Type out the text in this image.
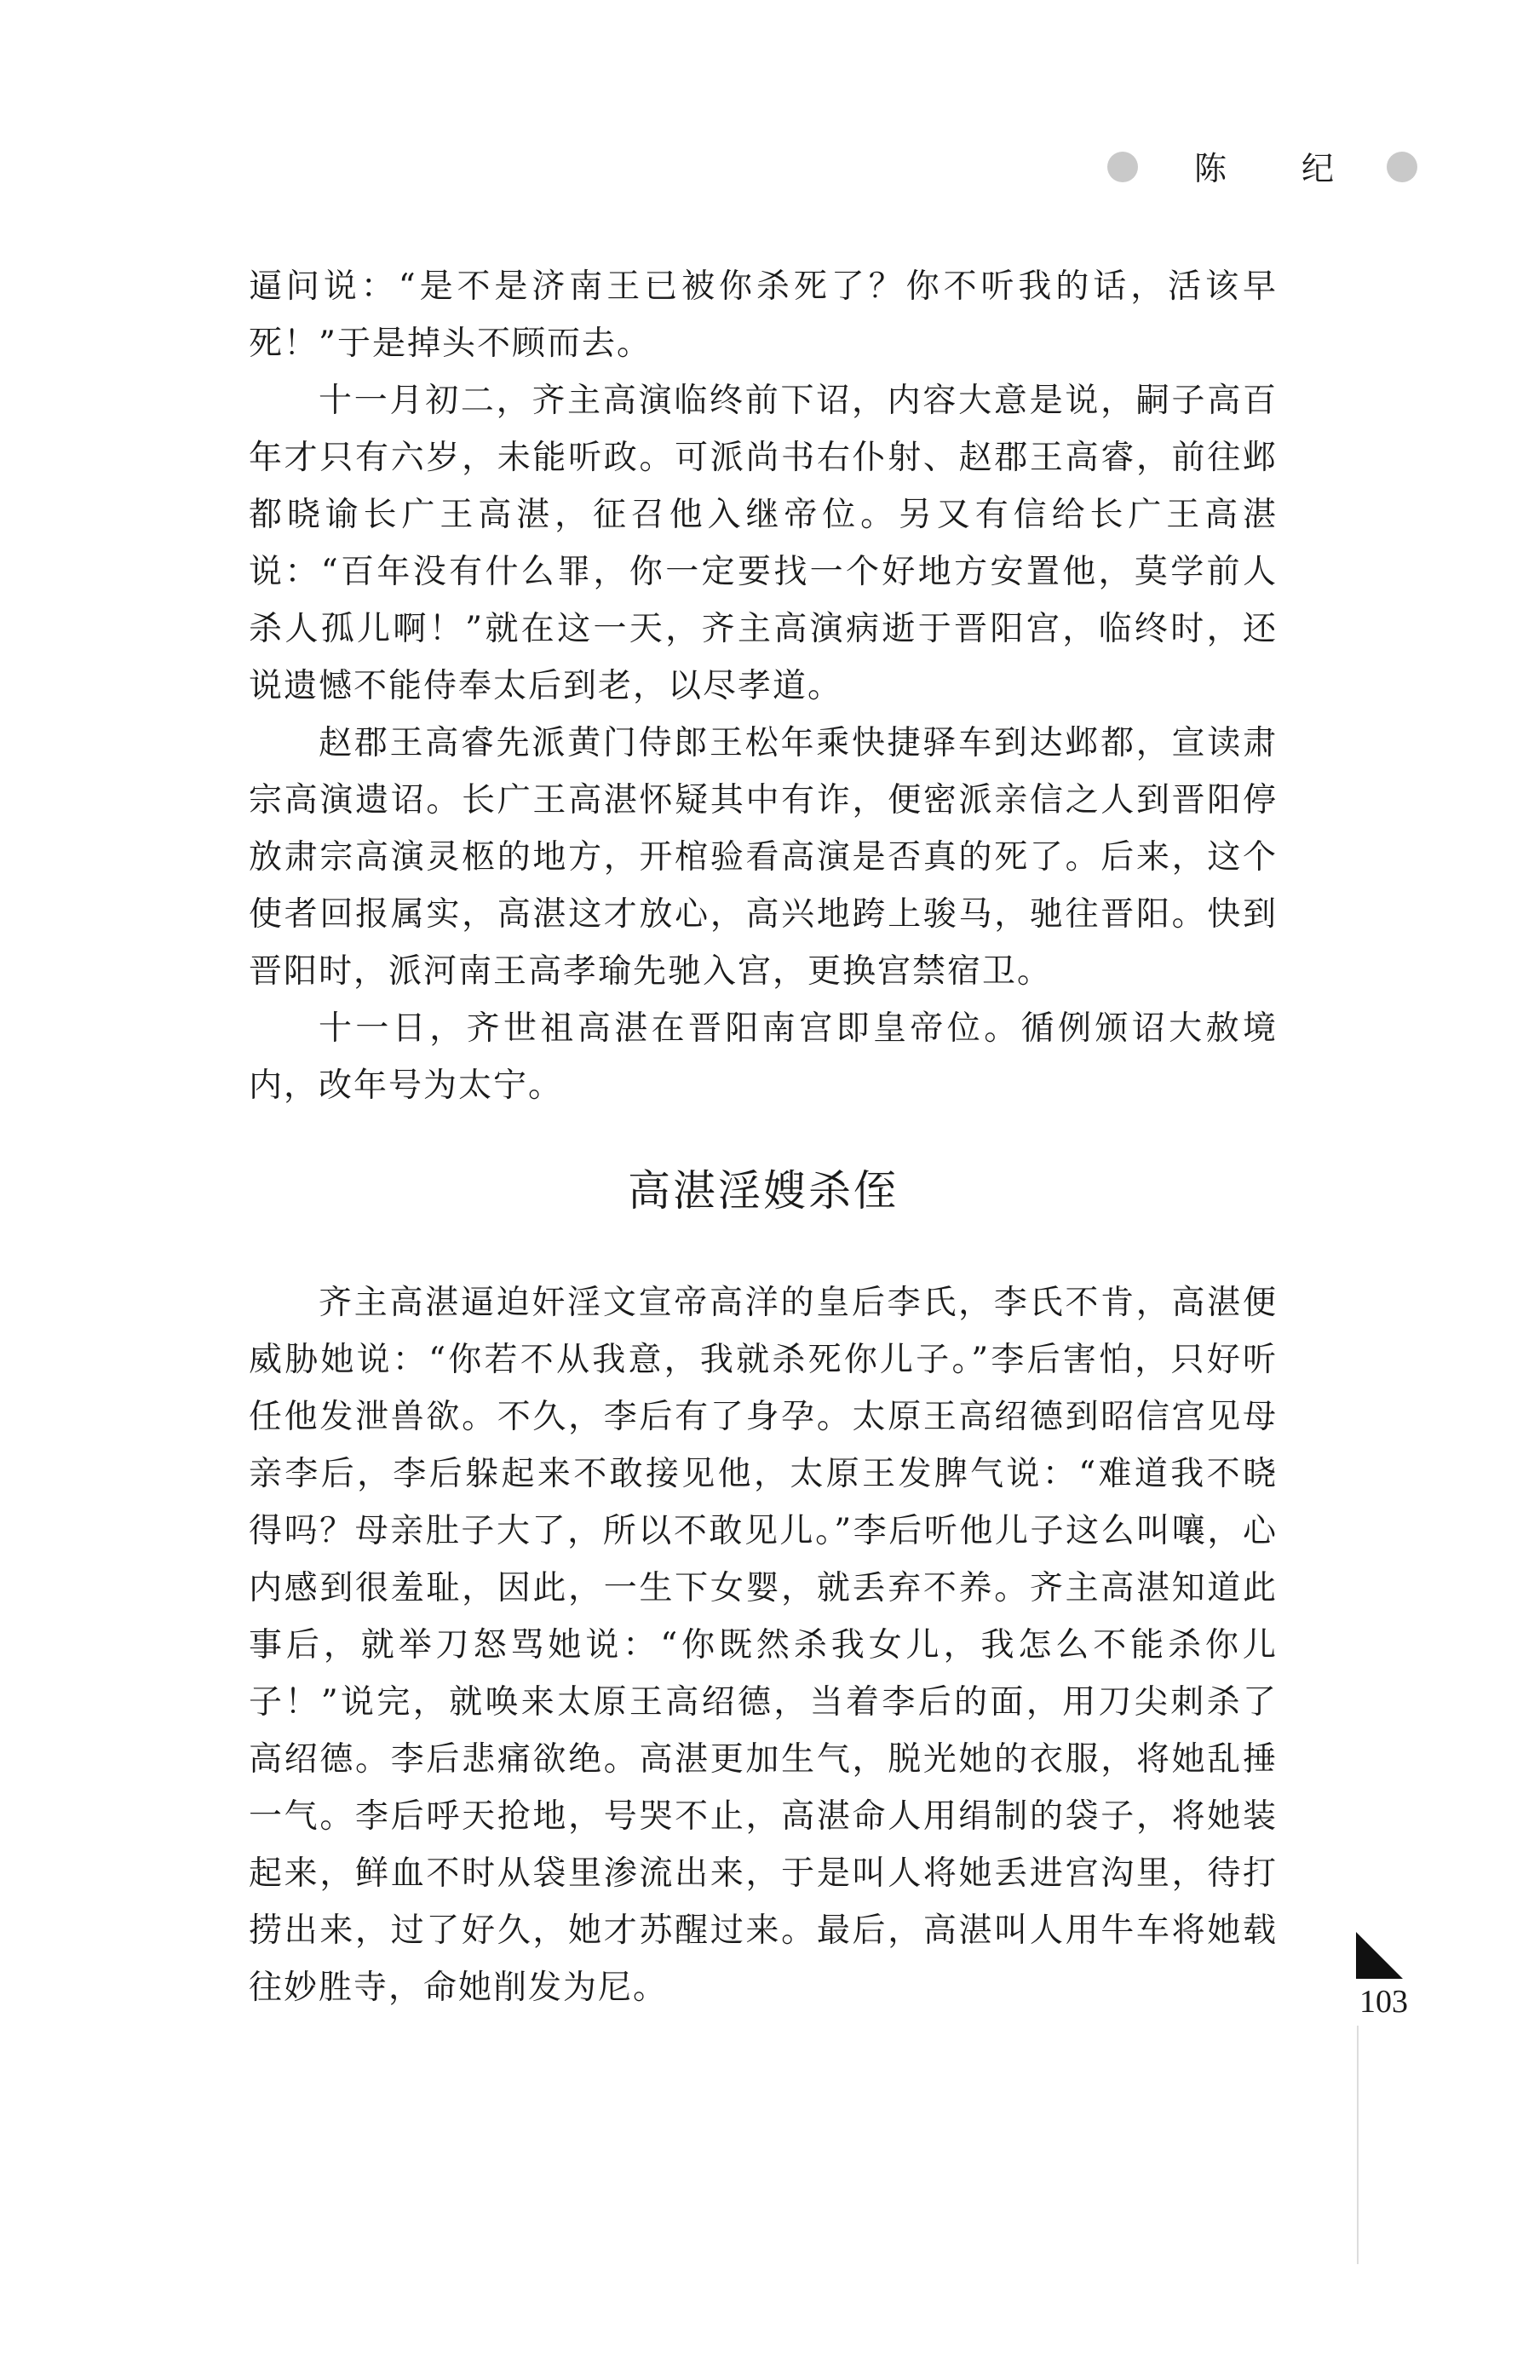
陈 纪

逼问说：“是不是济南王已被你杀死了？你不听我的话，活该早死！”于是掉头不顾而去。

十一月初二，齐主高演临终前下诏，内容大意是说，嗣子高百年才只有六岁，未能听政。可派尚书右仆射、赵郡王高睿，前往邺都晓谕长广王高湛，征召他入继帝位。另又有信给长广王高湛说：“百年没有什么罪，你一定要找一个好地方安置他，莫学前人杀人孤儿啊！”就在这一天，齐主高演病逝于晋阳宫，临终时，还说遗憾不能侍奉太后到老，以尽孝道。

赵郡王高睿先派黄门侍郎王松年乘快捷驿车到达邺都，宣读肃宗高演遗诏。长广王高湛怀疑其中有诈，便密派亲信之人到晋阳停放肃宗高演灵柩的地方，开棺验看高演是否真的死了。后来，这个使者回报属实，高湛这才放心，高兴地跨上骏马，驰往晋阳。快到晋阳时，派河南王高孝瑜先驰入宫，更换宫禁宿卫。

十一日，齐世祖高湛在晋阳南宫即皇帝位。循例颁诏大赦境内，改年号为太宁。

高湛淫嫂杀侄

齐主高湛逼迫奸淫文宣帝高洋的皇后李氏，李氏不肯，高湛便威胁她说：“你若不从我意，我就杀死你儿子。”李后害怕，只好听任他发泄兽欲。不久，李后有了身孕。太原王高绍德到昭信宫见母亲李后，李后躲起来不敢接见他，太原王发脾气说：“难道我不晓得吗？母亲肚子大了，所以不敢见儿。”李后听他儿子这么叫嚷，心内感到很羞耻，因此，一生下女婴，就丢弃不养。齐主高湛知道此事后，就举刀怒骂她说：“你既然杀我女儿，我怎么不能杀你儿子！”说完，就唤来太原王高绍德，当着李后的面，用刀尖刺杀了高绍德。李后悲痛欲绝。高湛更加生气，脱光她的衣服，将她乱捶一气。李后呼天抢地，号哭不止，高湛命人用绢制的袋子，将她装起来，鲜血不时从袋里渗流出来，于是叫人将她丢进宫沟里，待打捞出来，过了好久，她才苏醒过来。最后，高湛叫人用牛车将她载往妙胜寺，命她削发为尼。	103
